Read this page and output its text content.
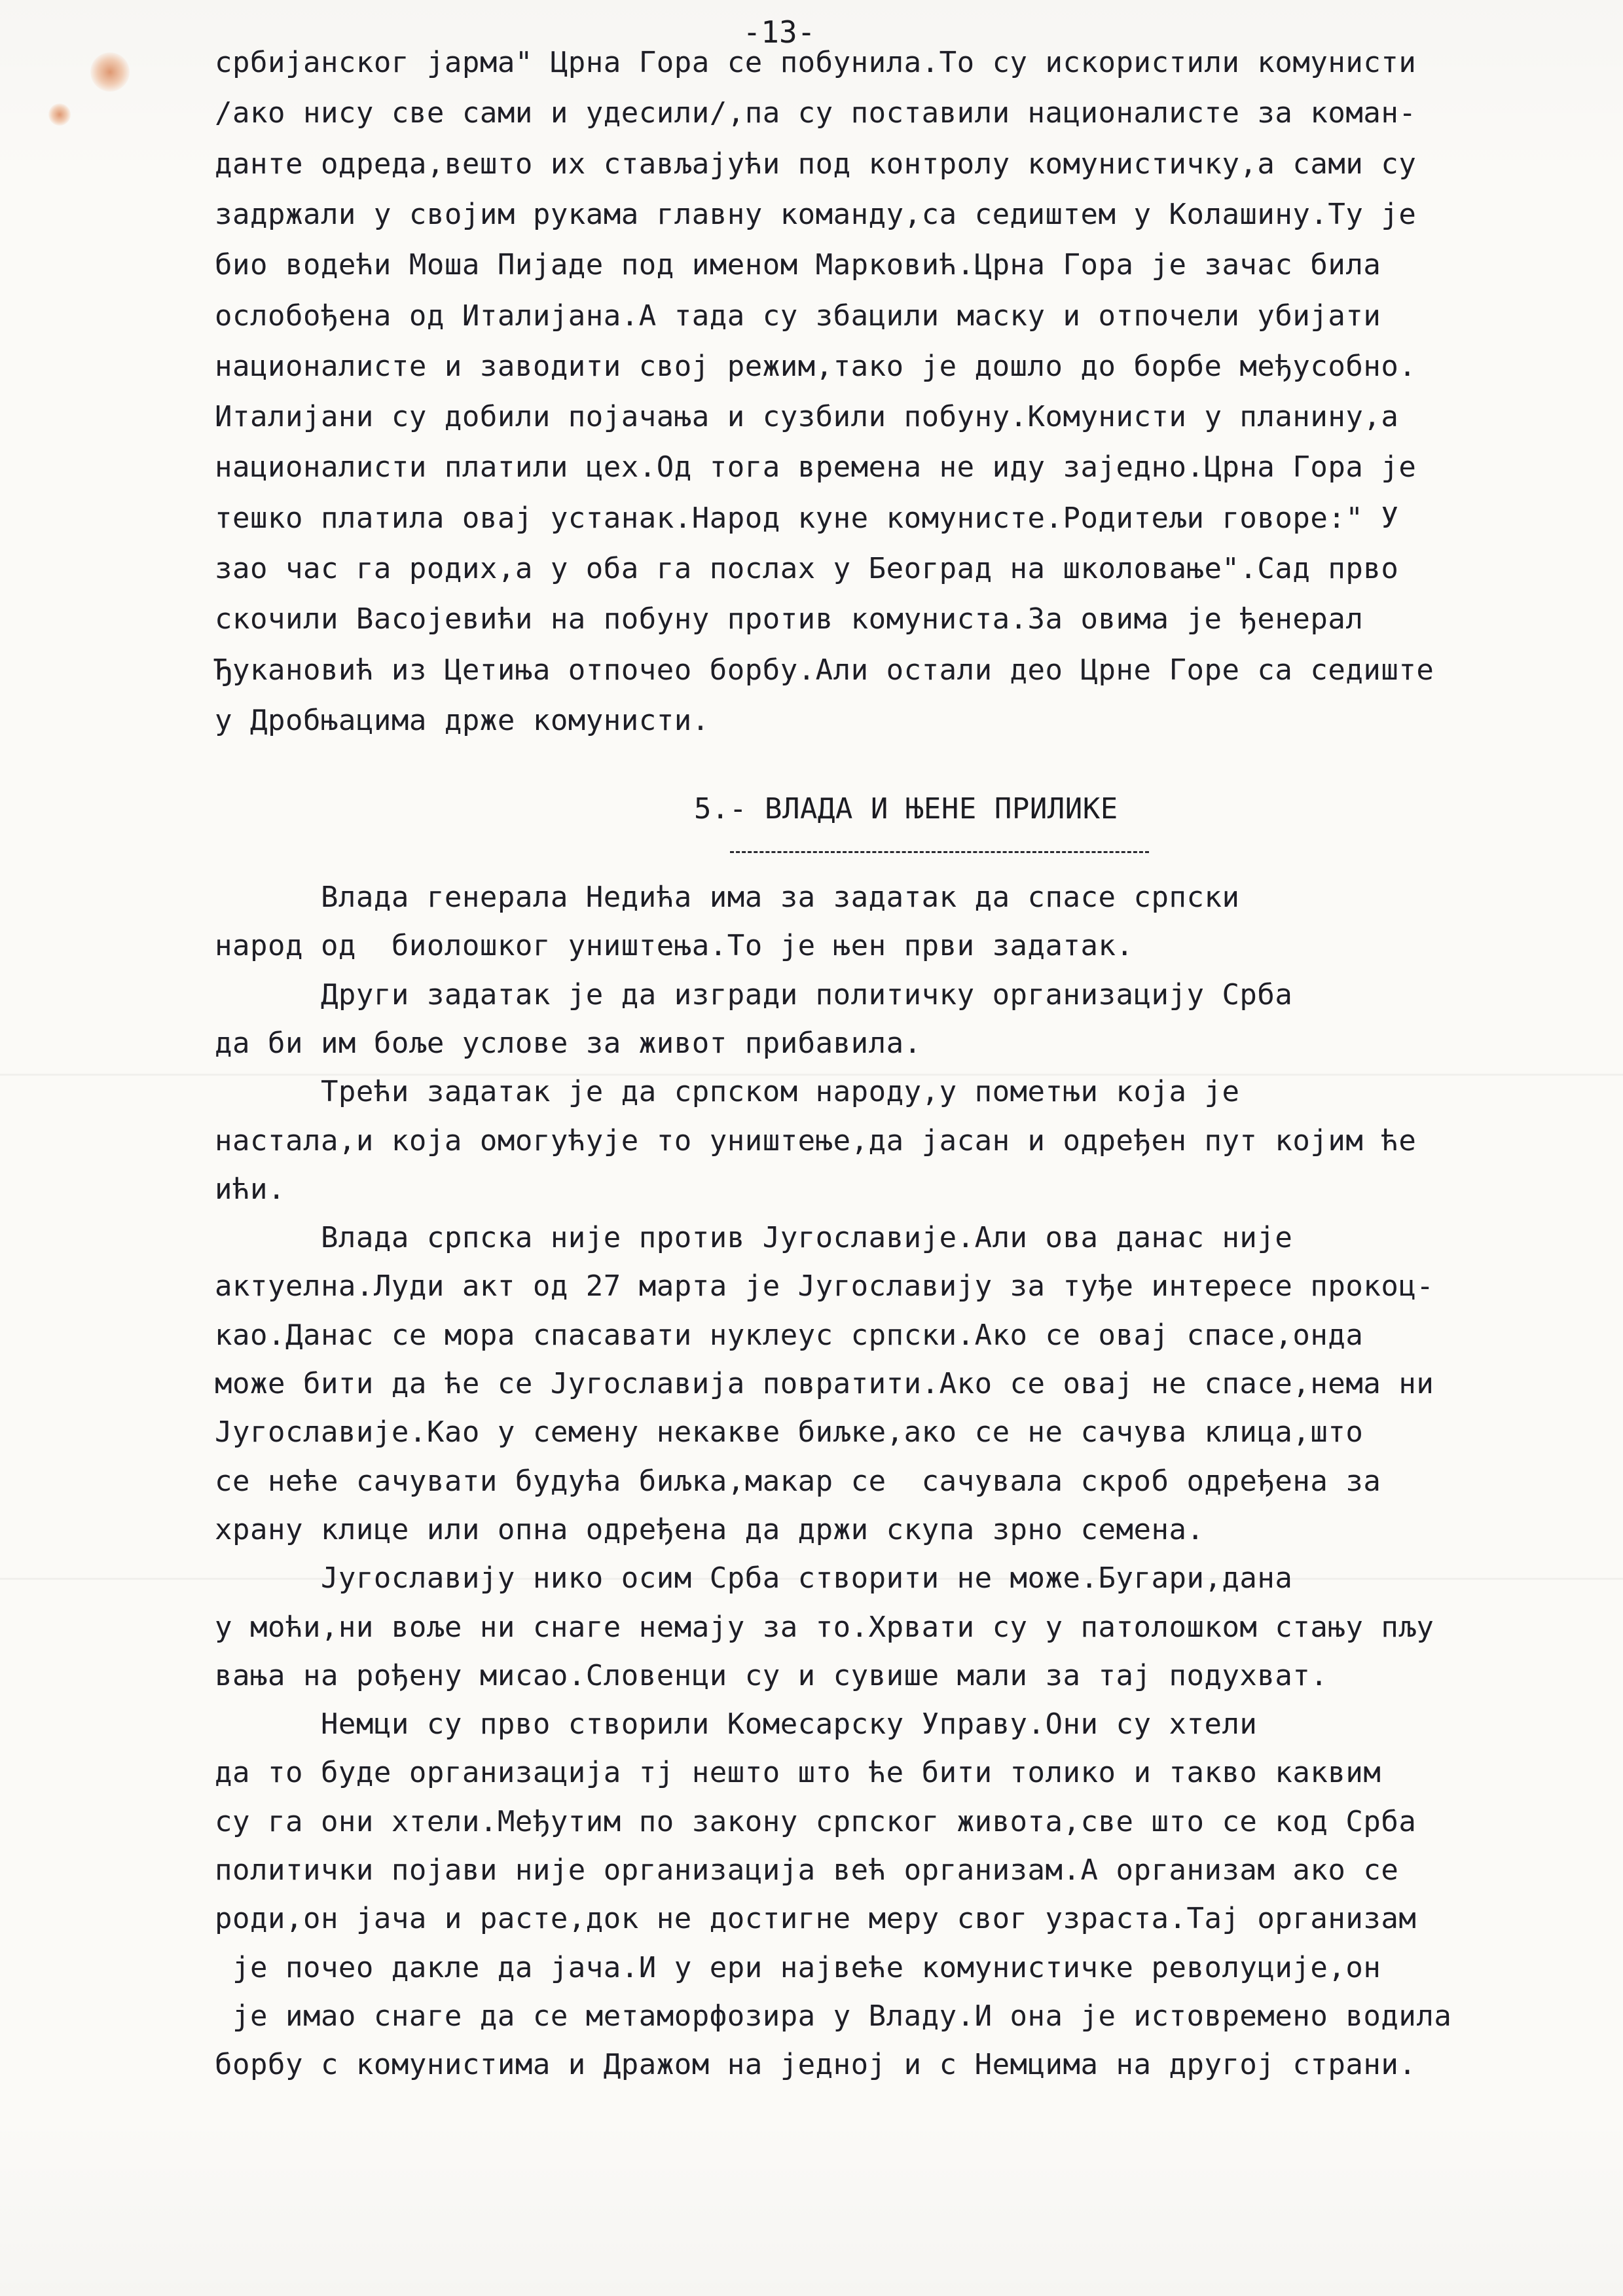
-13-
србијанског јарма" Црна Гора се побунила.То су искористили комунисти
/ако нису све сами и удесили/,па су поставили националисте за коман-
данте одреда,вешто их стављајући под контролу комунистичку,а сами су
задржали у својим рукама главну команду,са седиштем у Колашину.Ту је
био водећи Моша Пијаде под именом Марковић.Црна Гора је зачас била
ослобођена од Италијана.А тада су збацили маску и отпочели убијати
националисте и заводити свој режим,тако је дошло до борбе међусобно.
Италијани су добили појачања и сузбили побуну.Комунисти у планину,а
националисти платили цех.Од тога времена не иду заједно.Црна Гора је
тешко платила овај устанак.Народ куне комунисте.Родитељи говоре:" У
зао час га родих,а у оба га послах у Београд на школовање".Сад прво
скочили Васојевићи на побуну против комуниста.За овима је ђенерал
Ђукановић из Цетиња отпочео борбу.Али остали део Црне Горе са седиште
у Дробњацима држе комунисти.
5.- ВЛАДА И ЊЕНЕ ПРИЛИКЕ
Влада генерала Недића има за задатак да спасе српски
народ од  биолошког уништења.То је њен први задатак.
Други задатак је да изгради политичку организацију Срба
да би им боље услове за живот прибавила.
Трећи задатак је да српском народу,у пометњи која је
настала,и која омогућује то уништење,да јасан и одређен пут којим ће
ићи.
Влада српска није против Југославије.Али ова данас није
актуелна.Луди акт од 27 марта је Југославију за туђе интересе прокоц-
као.Данас се мора спасавати нуклеус српски.Ако се овај спасе,онда
може бити да ће се Југославија повратити.Ако се овај не спасе,нема ни
Југославије.Као у семену некакве биљке,ако се не сачува клица,што
се неће сачувати будућа биљка,макар се  сачувала скроб одређена за
храну клице или опна одређена да држи скупа зрно семена.
Југославију нико осим Срба створити не може.Бугари,дана
у моћи,ни воље ни снаге немају за то.Хрвати су у патолошком стању пљу
вања на рођену мисао.Словенци су и сувише мали за тај подухват.
Немци су прво створили Комесарску Управу.Они су хтели
да то буде организација тј нешто што ће бити толико и такво каквим
су га они хтели.Међутим по закону српског живота,све што се код Срба
политички појави није организација већ организам.А организам ако се
роди,он јача и расте,док не достигне меру свог узраста.Тај организам
је почео дакле да јача.И у ери највеће комунистичке револуције,он
је имао снаге да се метаморфозира у Владу.И она је истовремено водила
борбу с комунистима и Дражом на једној и с Немцима на другој страни.
